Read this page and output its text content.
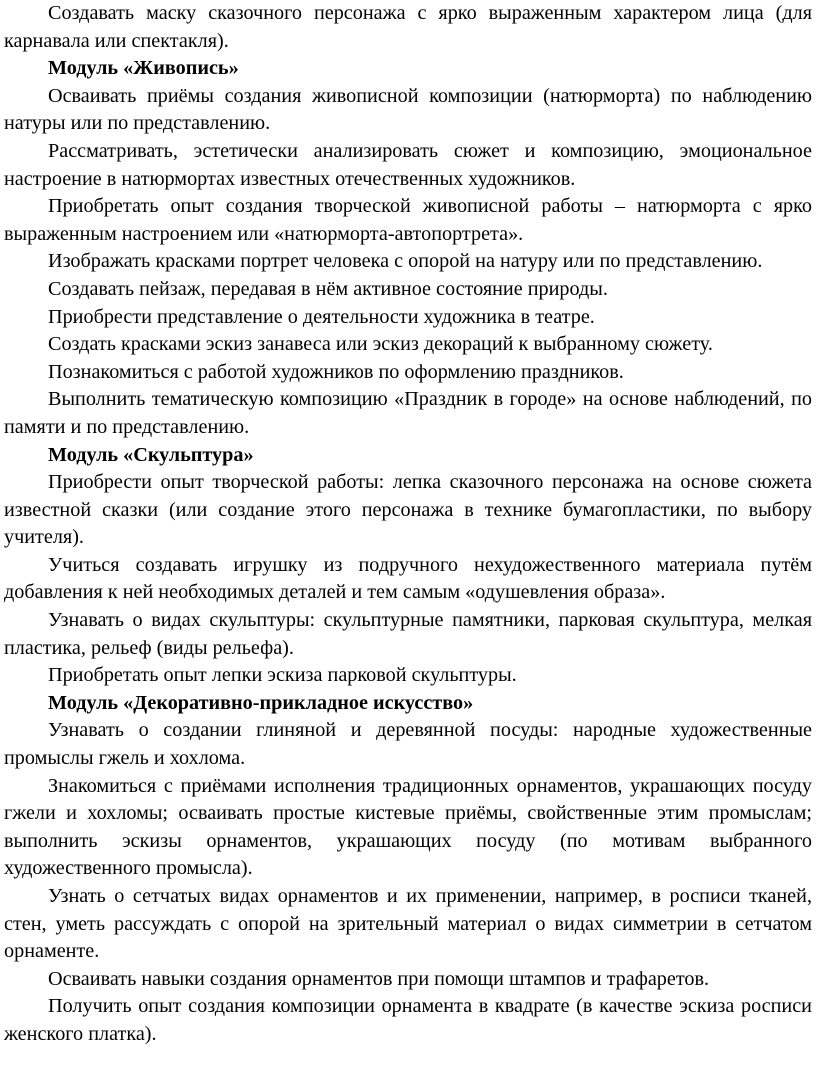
Создавать маску сказочного персонажа с ярко выраженным характером лица (для карнавала или спектакля).

Модуль «Живопись»

Осваивать приёмы создания живописной композиции (натюрморта) по наблюдению натуры или по представлению.

Рассматривать, эстетически анализировать сюжет и композицию, эмоциональное настроение в натюрмортах известных отечественных художников.

Приобретать опыт создания творческой живописной работы – натюрморта с ярко выраженным настроением или «натюрморта-автопортрета».

Изображать красками портрет человека с опорой на натуру или по представлению.

Создавать пейзаж, передавая в нём активное состояние природы.

Приобрести представление о деятельности художника в театре.

Создать красками эскиз занавеса или эскиз декораций к выбранному сюжету.

Познакомиться с работой художников по оформлению праздников.

Выполнить тематическую композицию «Праздник в городе» на основе наблюдений, по памяти и по представлению.

Модуль «Скульптура»

Приобрести опыт творческой работы: лепка сказочного персонажа на основе сюжета известной сказки (или создание этого персонажа в технике бумагопластики, по выбору учителя).

Учиться создавать игрушку из подручного нехудожественного материала путём добавления к ней необходимых деталей и тем самым «одушевления образа».

Узнавать о видах скульптуры: скульптурные памятники, парковая скульптура, мелкая пластика, рельеф (виды рельефа).

Приобретать опыт лепки эскиза парковой скульптуры.

Модуль «Декоративно-прикладное искусство»

Узнавать о создании глиняной и деревянной посуды: народные художественные промыслы гжель и хохлома.

Знакомиться с приёмами исполнения традиционных орнаментов, украшающих посуду гжели и хохломы; осваивать простые кистевые приёмы, свойственные этим промыслам; выполнить эскизы орнаментов, украшающих посуду (по мотивам выбранного художественного промысла).

Узнать о сетчатых видах орнаментов и их применении, например, в росписи тканей, стен, уметь рассуждать с опорой на зрительный материал о видах симметрии в сетчатом орнаменте.

Осваивать навыки создания орнаментов при помощи штампов и трафаретов.

Получить опыт создания композиции орнамента в квадрате (в качестве эскиза росписи женского платка).
